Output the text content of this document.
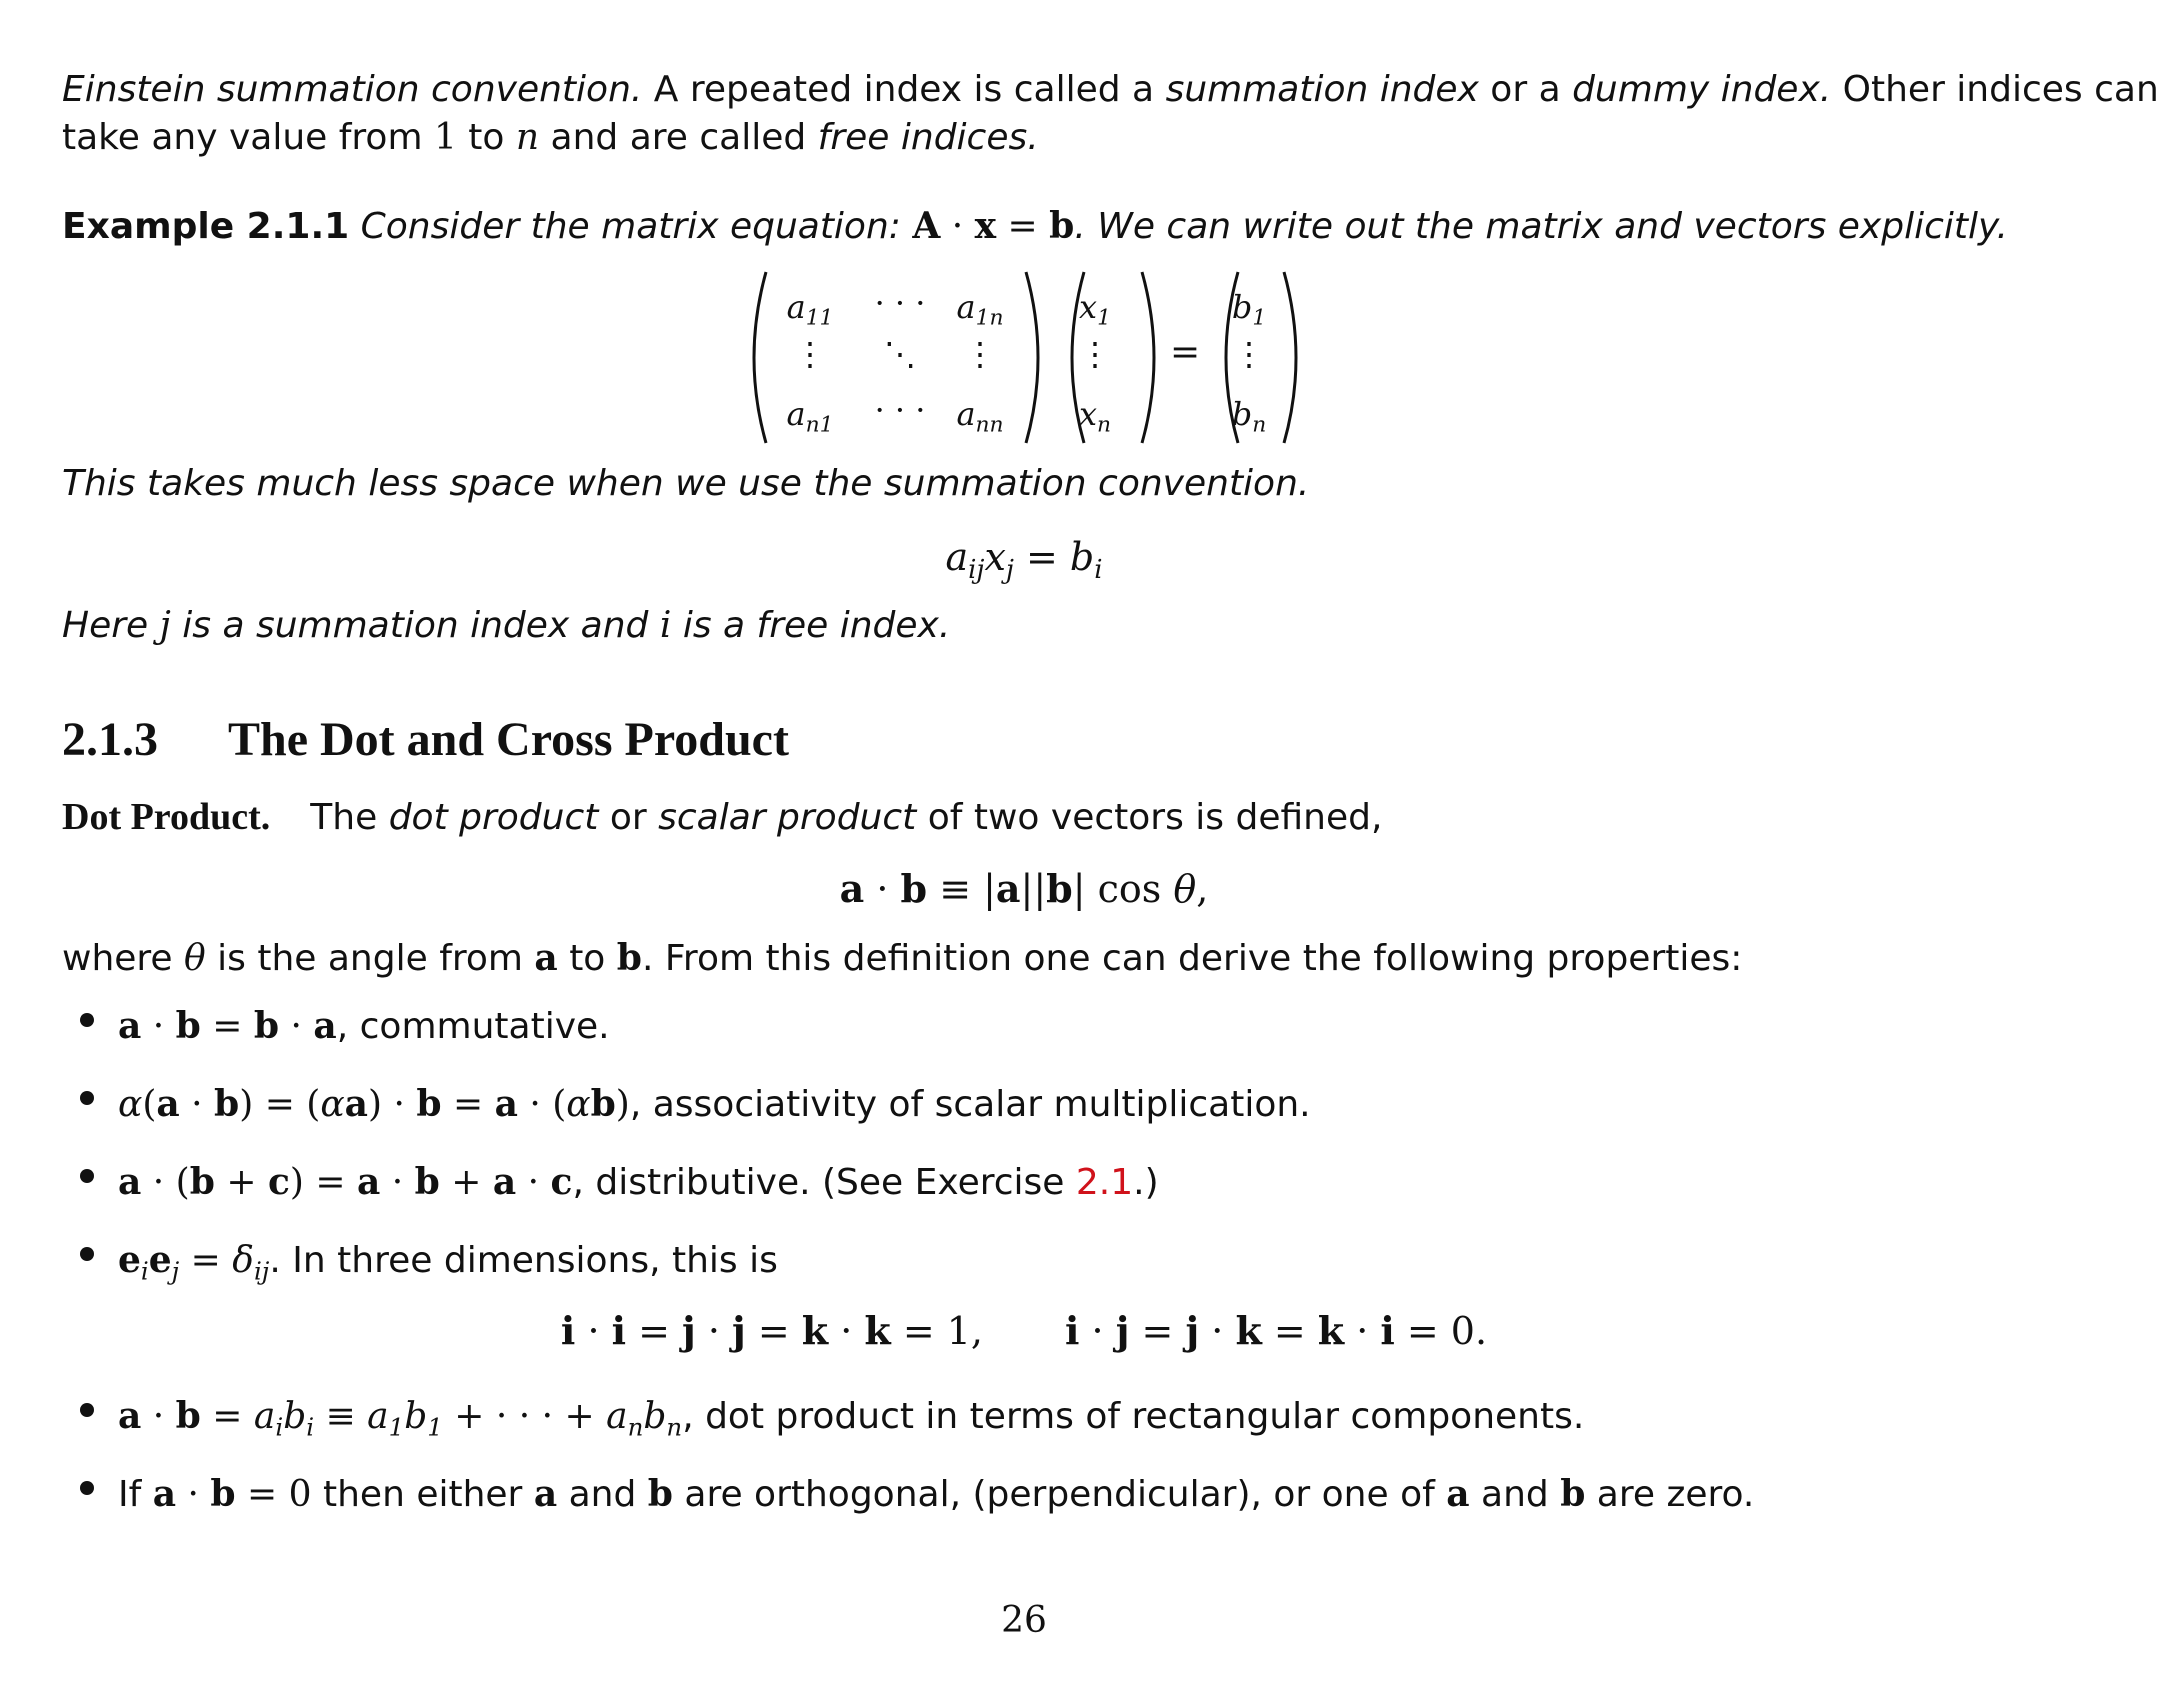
Einstein summation convention. A repeated index is called a summation index or a dummy index. Other indices can
take any value from 1 to n and are called free indices.
Example 2.1.1 Consider the matrix equation: A · x = b. We can write out the matrix and vectors explicitly.
$a_{11}$	· · · $a_{1n}$
⋮	⋱	⋮
$a_{n1}$	· · · $a_{nn}$
$x_1$
⋮
$x_n$
=
$b_1$
⋮
$b_n$
This takes much less space when we use the summation convention.
$a_{ij}x_j = b_i$
Here j is a summation index and i is a free index.
2.1.3 The Dot and Cross Product
Dot Product. The dot product or scalar product of two vectors is defined,
a · b ≡ |a||b| cos θ,
where θ is the angle from a to b. From this definition one can derive the following properties:
a · b = b · a, commutative.
α(a · b) = (αa) · b = a · (αb), associativity of scalar multiplication.
a · (b + c) = a · b + a · c, distributive. (See Exercise 2.1.)
$e_ie_j = \delta_{ij}$. In three dimensions, this is
i · i = j · j = k · k = 1, i · j = j · k = k · i = 0.
$a \cdot b = a_ib_i \equiv a_1b_1$ + · · · + $a_nb_n$, dot product in terms of rectangular components.
If a · b = 0 then either a and b are orthogonal, (perpendicular), or one of a and b are zero.
26
